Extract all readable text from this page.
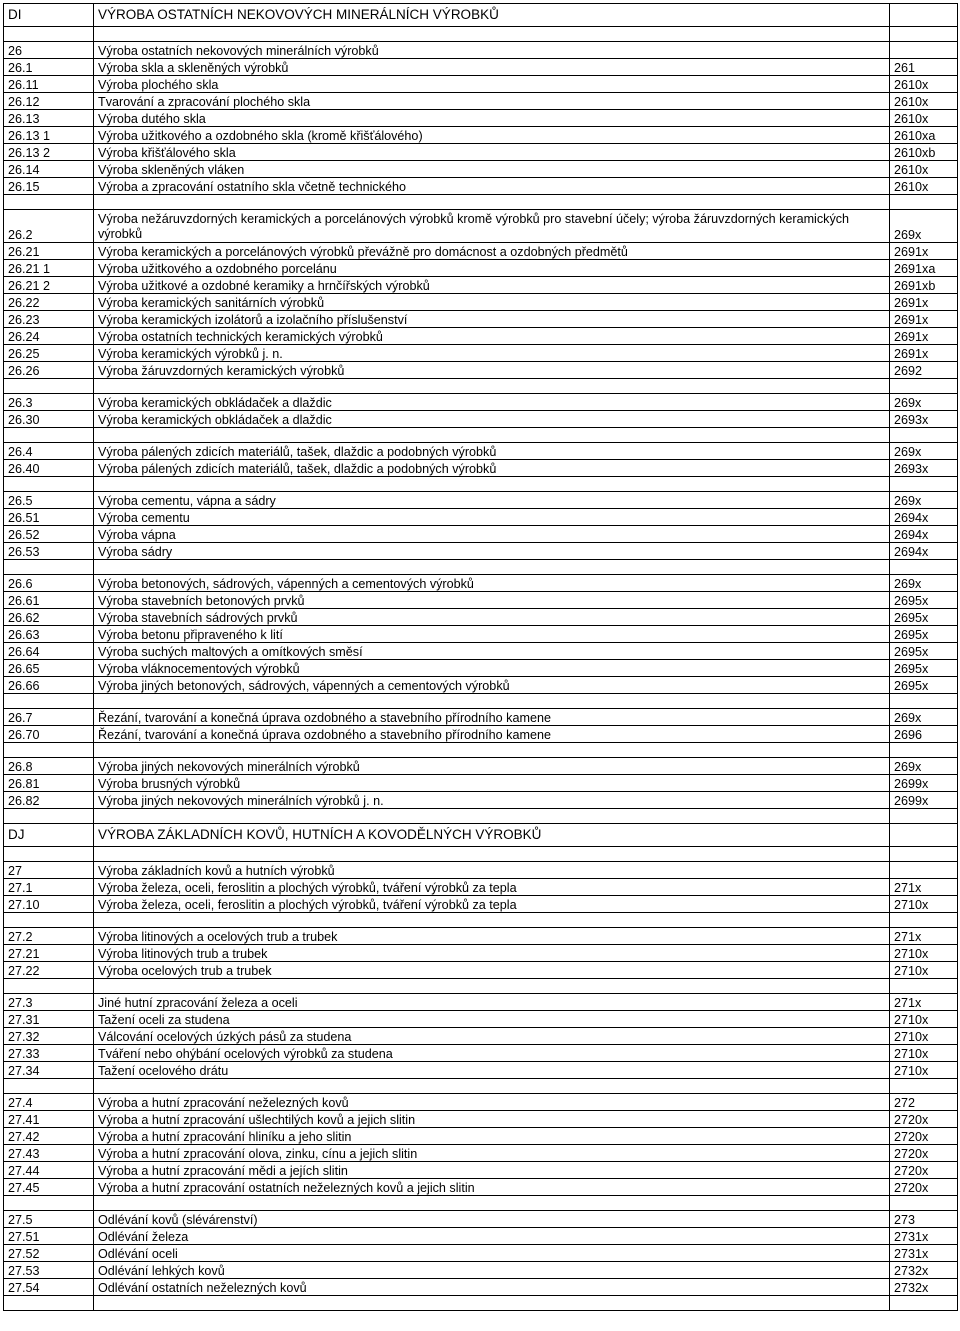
DI	VÝROBA OSTATNÍCH NEKOVOVÝCH MINERÁLNÍCH VÝROBKŮ	

26	Výroba ostatních nekovových minerálních výrobků	
26.1	Výroba skla a skleněných výrobků	261
26.11	Výroba plochého skla	2610x
26.12	Tvarování a zpracování plochého skla	2610x
26.13	Výroba dutého skla	2610x
26.13 1	Výroba užitkového a ozdobného skla (kromě křišťálového)	2610xa
26.13 2	Výroba křišťálového skla	2610xb
26.14	Výroba skleněných vláken	2610x
26.15	Výroba a zpracování ostatního skla včetně technického	2610x

26.2	Výroba nežáruvzdorných keramických a porcelánových výrobků kromě výrobků pro stavební účely; výroba žáruvzdorných keramických výrobků	269x
26.21	Výroba keramických a porcelánových výrobků převážně pro domácnost a ozdobných předmětů	2691x
26.21 1	Výroba užitkového a ozdobného porcelánu	2691xa
26.21 2	Výroba užitkové a ozdobné keramiky a hrnčířských výrobků	2691xb
26.22	Výroba keramických sanitárních výrobků	2691x
26.23	Výroba keramických izolátorů a izolačního příslušenství	2691x
26.24	Výroba ostatních technických keramických výrobků	2691x
26.25	Výroba keramických výrobků j. n.	2691x
26.26	Výroba žáruvzdorných keramických výrobků	2692

26.3	Výroba keramických obkládaček a dlaždic	269x
26.30	Výroba keramických obkládaček a dlaždic	2693x

26.4	Výroba pálených zdicích materiálů, tašek, dlaždic a podobných výrobků	269x
26.40	Výroba pálených zdicích materiálů, tašek, dlaždic a podobných výrobků	2693x

26.5	Výroba cementu, vápna a sádry	269x
26.51	Výroba cementu	2694x
26.52	Výroba vápna	2694x
26.53	Výroba sádry	2694x

26.6	Výroba betonových, sádrových, vápenných a cementových výrobků	269x
26.61	Výroba stavebních betonových prvků	2695x
26.62	Výroba stavebních sádrových prvků	2695x
26.63	Výroba betonu připraveného k lití	2695x
26.64	Výroba suchých maltových a omítkových směsí	2695x
26.65	Výroba vláknocementových výrobků	2695x
26.66	Výroba jiných betonových, sádrových, vápenných a cementových výrobků	2695x

26.7	Řezání, tvarování a konečná úprava ozdobného a stavebního přírodního kamene	269x
26.70	Řezání, tvarování a konečná úprava ozdobného a stavebního přírodního kamene	2696

26.8	Výroba jiných nekovových minerálních výrobků	269x
26.81	Výroba brusných výrobků	2699x
26.82	Výroba jiných nekovových minerálních výrobků j. n.	2699x

DJ	VÝROBA ZÁKLADNÍCH KOVŮ, HUTNÍCH A KOVODĚLNÝCH VÝROBKŮ	

27	Výroba základních kovů a hutních výrobků	
27.1	Výroba železa, oceli, feroslitin a plochých výrobků, tváření výrobků za tepla	271x
27.10	Výroba železa, oceli, feroslitin a plochých výrobků, tváření výrobků za tepla	2710x

27.2	Výroba litinových a ocelových trub a trubek	271x
27.21	Výroba litinových trub a trubek	2710x
27.22	Výroba ocelových trub a trubek	2710x

27.3	Jiné hutní zpracování železa a oceli	271x
27.31	Tažení oceli za studena	2710x
27.32	Válcování ocelových úzkých pásů za studena	2710x
27.33	Tváření nebo ohýbání ocelových výrobků za studena	2710x
27.34	Tažení ocelového drátu	2710x

27.4	Výroba a hutní zpracování neželezných kovů	272
27.41	Výroba a hutní zpracování ušlechtilých kovů a jejich slitin	2720x
27.42	Výroba a hutní zpracování hliníku a jeho slitin	2720x
27.43	Výroba a hutní zpracování olova, zinku, cínu a jejich slitin	2720x
27.44	Výroba a hutní zpracování mědi a jejích slitin	2720x
27.45	Výroba a hutní zpracování ostatních neželezných kovů a jejich slitin	2720x

27.5	Odlévání kovů (slévárenství)	273
27.51	Odlévání železa	2731x
27.52	Odlévání oceli	2731x
27.53	Odlévání lehkých kovů	2732x
27.54	Odlévání ostatních neželezných kovů	2732x
